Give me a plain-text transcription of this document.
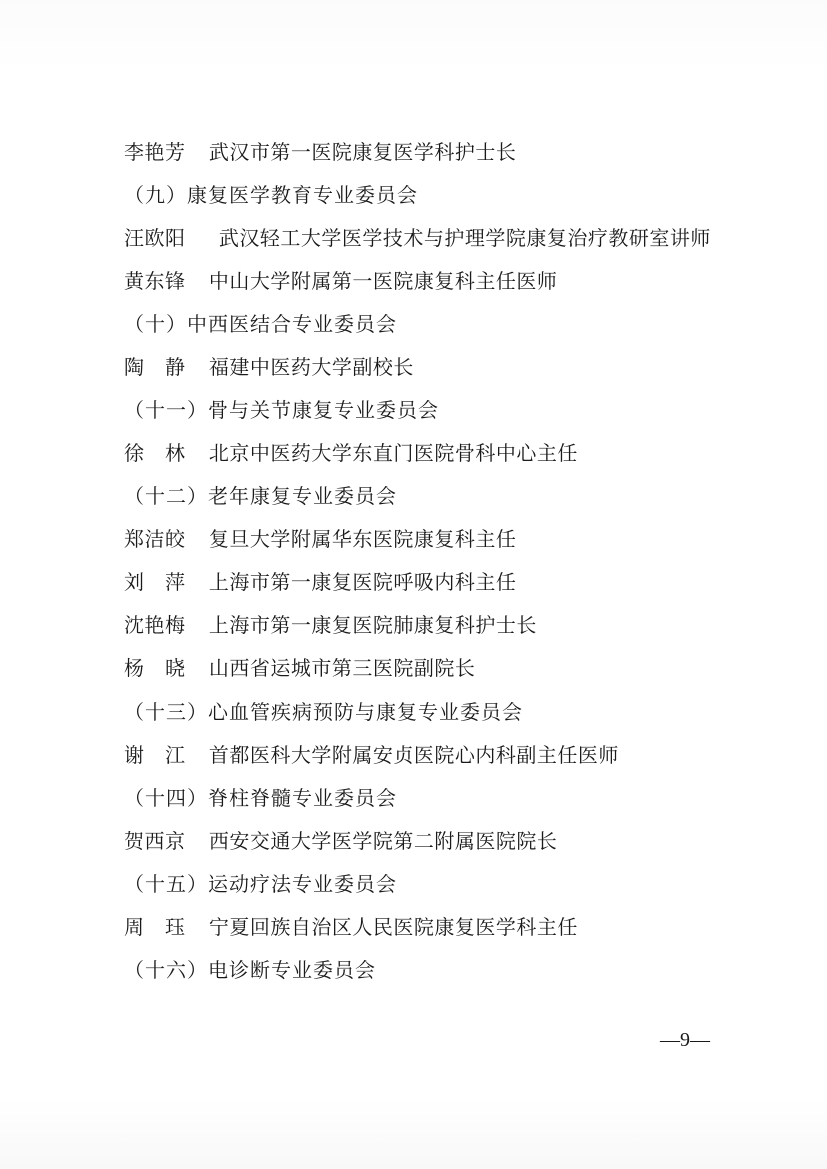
李艳芳 武汉市第一医院康复医学科护士长
（九）康复医学教育专业委员会
汪欧阳 武汉轻工大学医学技术与护理学院康复治疗教研室讲师
黄东锋 中山大学附属第一医院康复科主任医师
（十）中西医结合专业委员会
陶　静 福建中医药大学副校长
（十一）骨与关节康复专业委员会
徐　林 北京中医药大学东直门医院骨科中心主任
（十二）老年康复专业委员会
郑洁皎 复旦大学附属华东医院康复科主任
刘　萍 上海市第一康复医院呼吸内科主任
沈艳梅 上海市第一康复医院肺康复科护士长
杨　晓 山西省运城市第三医院副院长
（十三）心血管疾病预防与康复专业委员会
谢　江 首都医科大学附属安贞医院心内科副主任医师
（十四）脊柱脊髓专业委员会
贺西京 西安交通大学医学院第二附属医院院长
（十五）运动疗法专业委员会
周　珏 宁夏回族自治区人民医院康复医学科主任
（十六）电诊断专业委员会
—9—
